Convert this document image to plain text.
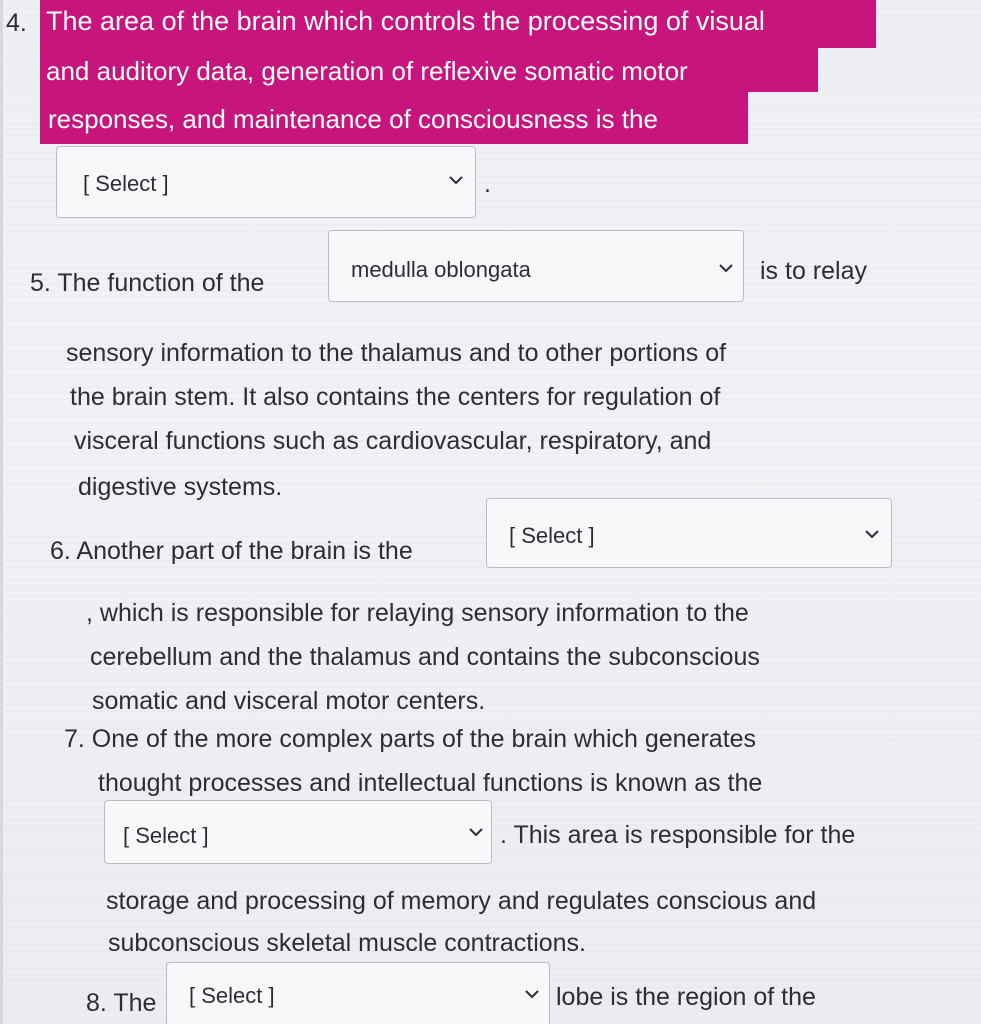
4. The area of the brain which controls the processing of visual
and auditory data, generation of reflexive somatic motor
responses, and maintenance of consciousness is the
[ Select ]	.
5. The function of the	medulla oblongata	is to relay
sensory information to the thalamus and to other portions of
the brain stem. It also contains the centers for regulation of
visceral functions such as cardiovascular, respiratory, and
digestive systems.
6. Another part of the brain is the
[ Select ]
, which is responsible for relaying sensory information to the
cerebellum and the thalamus and contains the subconscious
somatic and visceral motor centers.
7. One of the more complex parts of the brain which generates
thought processes and intellectual functions is known as the
[ Select ]	. This area is responsible for the
storage and processing of memory and regulates conscious and
subconscious skeletal muscle contractions.
8. The [ Select ]	lobe is the region of the
